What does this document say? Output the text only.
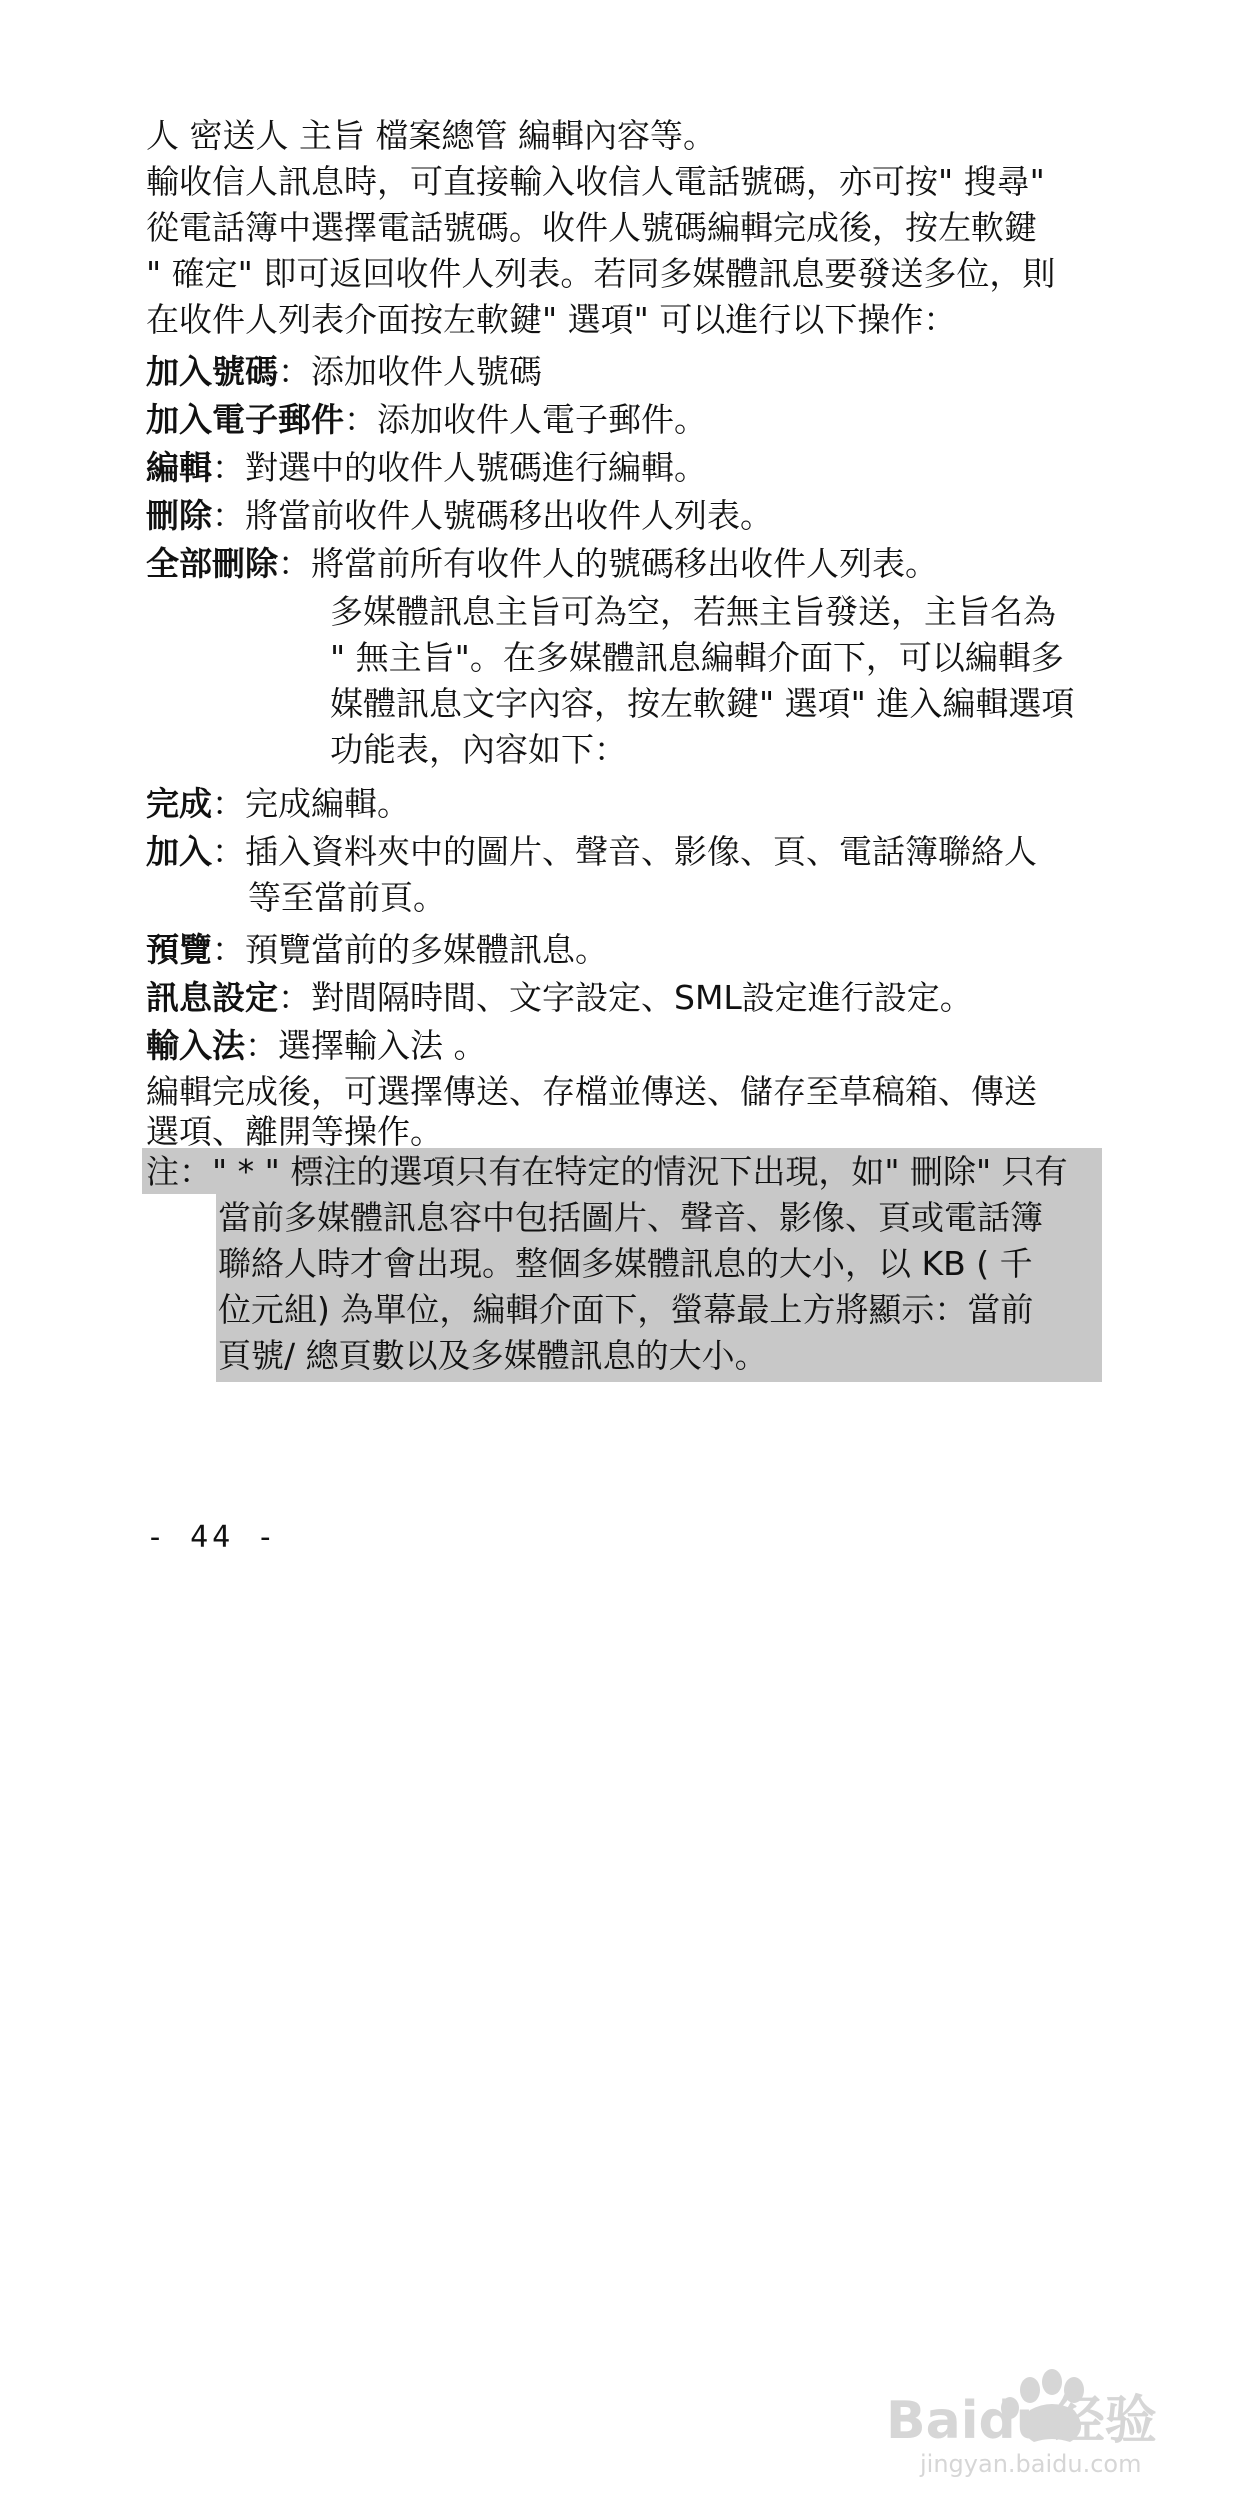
人 密送人 主旨 檔案總管 編輯內容等。
輸收信人訊息時，可直接輸入收信人電話號碼，亦可按" 搜尋"
從電話簿中選擇電話號碼。收件人號碼編輯完成後，按左軟鍵
" 確定" 即可返回收件人列表。若同多媒體訊息要發送多位，則
在收件人列表介面按左軟鍵" 選項" 可以進行以下操作：
加入號碼：添加收件人號碼
加入電子郵件：添加收件人電子郵件。
編輯：對選中的收件人號碼進行編輯。
刪除：將當前收件人號碼移出收件人列表。
全部刪除：將當前所有收件人的號碼移出收件人列表。
多媒體訊息主旨可為空，若無主旨發送，主旨名為
" 無主旨"。在多媒體訊息編輯介面下，可以編輯多
媒體訊息文字內容，按左軟鍵" 選項" 進入編輯選項
功能表，內容如下：
完成：完成編輯。
加入：插入資料夾中的圖片、聲音、影像、頁、電話簿聯絡人
等至當前頁。
預覽：預覽當前的多媒體訊息。
訊息設定：對間隔時間、文字設定、SML設定進行設定。
輸入法：選擇輸入法 。
編輯完成後，可選擇傳送、存檔並傳送、儲存至草稿箱、傳送
選項、離開等操作。
注：" * " 標注的選項只有在特定的情況下出現，如" 刪除" 只有
當前多媒體訊息容中包括圖片、聲音、影像、頁或電話簿
聯絡人時才會出現。整個多媒體訊息的大小，以 KB ( 千
位元組) 為單位，編輯介面下，螢幕最上方將顯示：當前
頁號/ 總頁數以及多媒體訊息的大小。
- 44 -
Baidu经验
jingyan.baidu.com
